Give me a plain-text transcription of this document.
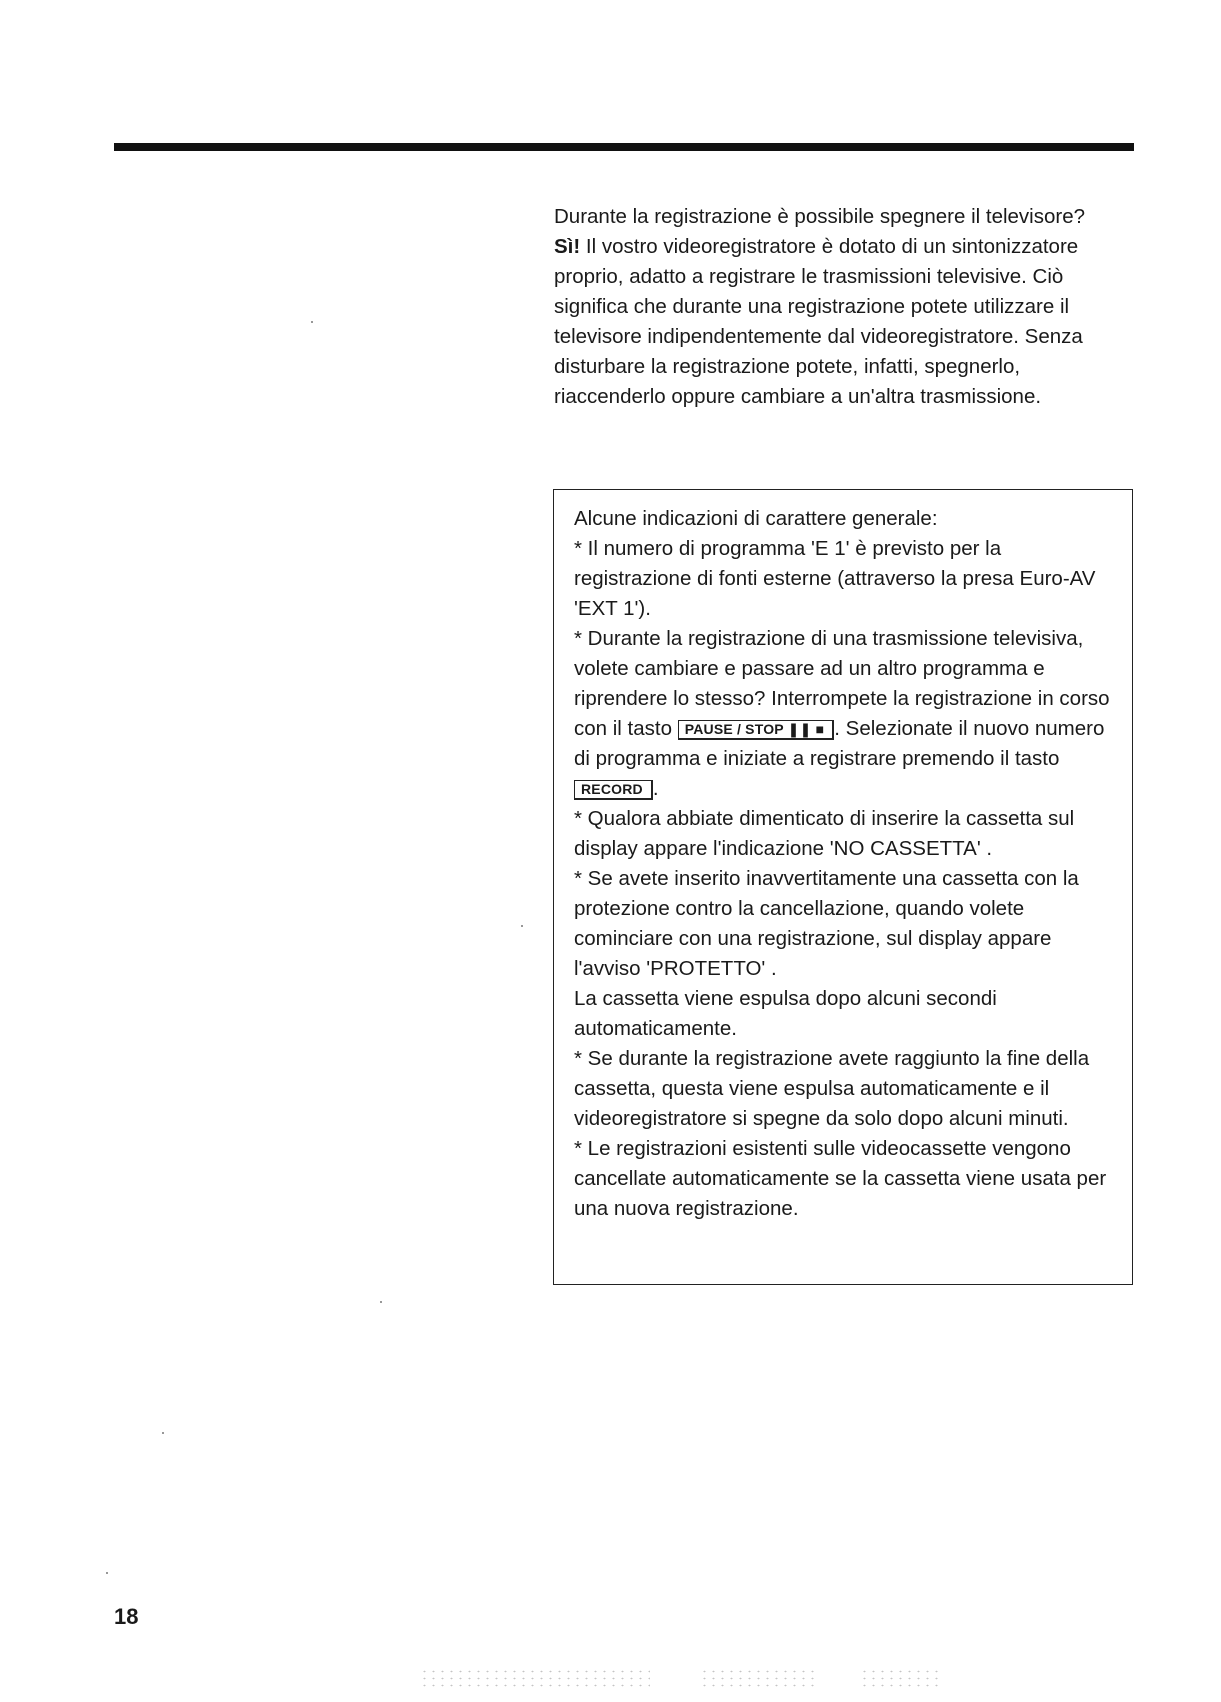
Durante la registrazione è possibile spegnere il televisore?

Sì! Il vostro videoregistratore è dotato di un sintonizzatore proprio, adatto a registrare le trasmissioni televisive. Ciò significa che durante una registrazione potete utilizzare il televisore indipendentemente dal videoregistratore. Senza disturbare la registrazione potete, infatti, spegnerlo, riaccenderlo oppure cambiare a un'altra trasmissione.

Alcune indicazioni di carattere generale:

* Il numero di programma 'E 1' è previsto per la registrazione di fonti esterne (attraverso la presa Euro-AV 'EXT 1').

* Durante la registrazione di una trasmissione televisiva, volete cambiare e passare ad un altro programma e riprendere lo stesso? Interrompete la registrazione in corso con il tasto PAUSE / STOP ❚❚ ■ . Selezionate il nuovo numero di programma e iniziate a registrare premendo il tasto RECORD .

* Qualora abbiate dimenticato di inserire la cassetta sul display appare l'indicazione 'NO CASSETTA' .

* Se avete inserito inavvertitamente una cassetta con la protezione contro la cancellazione, quando volete cominciare con una registrazione, sul display appare l'avviso 'PROTETTO' .

La cassetta viene espulsa dopo alcuni secondi automaticamente.

* Se durante la registrazione avete raggiunto la fine della cassetta, questa viene espulsa automaticamente e il videoregistratore si spegne da solo dopo alcuni minuti.

* Le registrazioni esistenti sulle videocassette vengono cancellate automaticamente se la cassetta viene usata per una nuova registrazione.

18
